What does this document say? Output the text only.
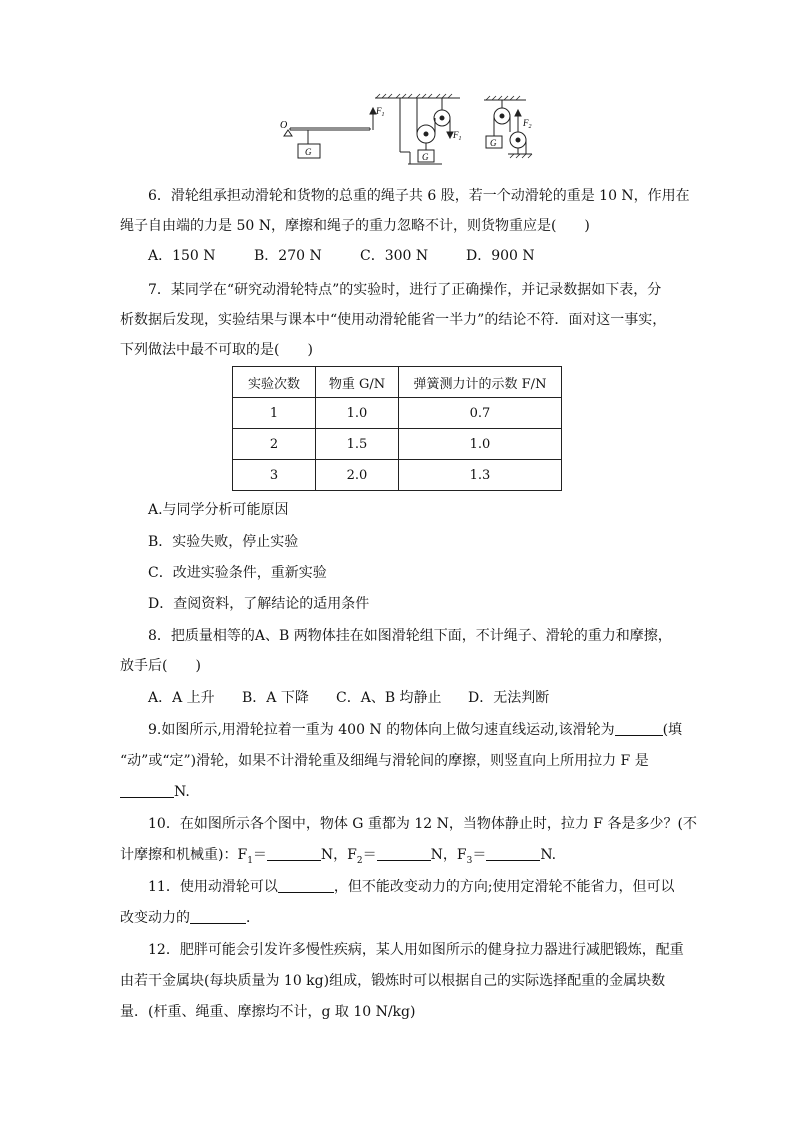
O
G
$F_1$
G
$F_1$	G
$F_2$
6．滑轮组承担动滑轮和货物的总重的绳子共 6 股，若一个动滑轮的重是 10 N，作用在
绳子自由端的力是 50 N，摩擦和绳子的重力忽略不计，则货物重应是(　　)
A．150 N	B．270 N	C．300 N	D．900 N
7．某同学在“研究动滑轮特点”的实验时，进行了正确操作，并记录数据如下表，分
析数据后发现，实验结果与课本中“使用动滑轮能省一半力”的结论不符．面对这一事实，
下列做法中最不可取的是(　　)
实验次数	物重 G/N	弹簧测力计的示数 F/N
1	1.0	0.7
2	1.5	1.0
3	2.0	1.3
A.与同学分析可能原因
B．实验失败，停止实验
C．改进实验条件，重新实验
D．查阅资料，了解结论的适用条件
8．把质量相等的A、B 两物体挂在如图滑轮组下面，不计绳子、滑轮的重力和摩擦，
放手后(　　)
A．A 上升 B．A 下降 C．A、B 均静止 D．无法判断
9.如图所示,用滑轮拉着一重为 400 N 的物体向上做匀速直线运动,该滑轮为	(填
“动”或“定”)滑轮，如果不计滑轮重及细绳与滑轮间的摩擦，则竖直向上所用拉力 F 是
N.
10．在如图所示各个图中，物体 G 重都为 12 N，当物体静止时，拉力 F 各是多少？(不
计摩擦和机械重)：$F_1=$	N，$F_2=$	N，$F_3=$	N.
11．使用动滑轮可以	，但不能改变动力的方向;使用定滑轮不能省力，但可以
改变动力的	．
12．肥胖可能会引发许多慢性疾病，某人用如图所示的健身拉力器进行减肥锻炼，配重
由若干金属块(每块质量为 10 kg)组成，锻炼时可以根据自己的实际选择配重的金属块数
量．(杆重、绳重、摩擦均不计，g 取 10 N/kg)
